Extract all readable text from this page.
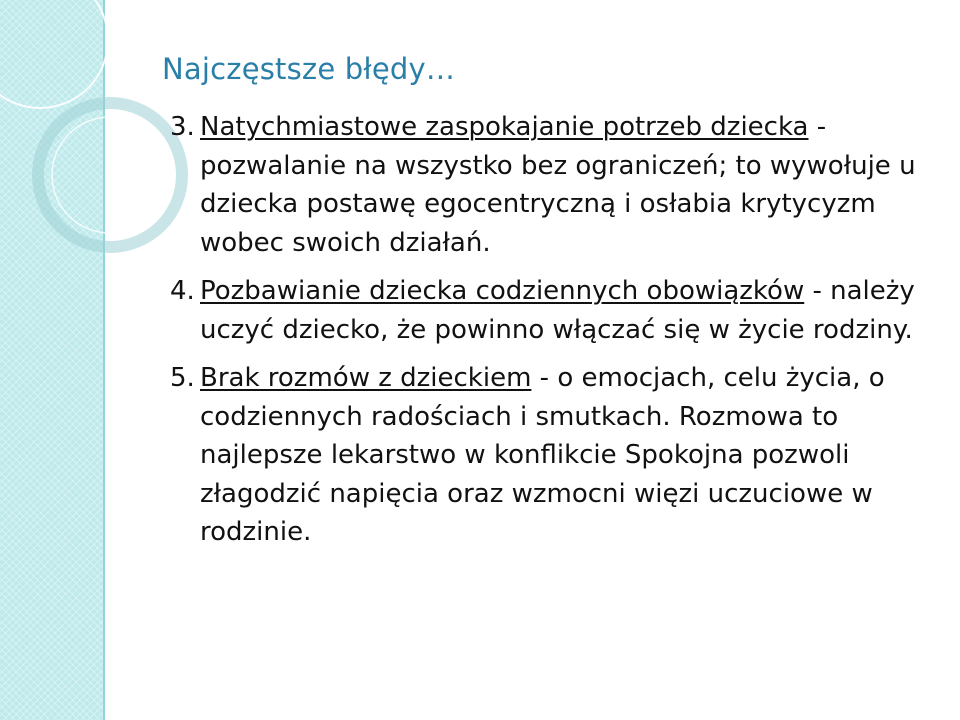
Najczęstsze błędy…
3. Natychmiastowe zaspokajanie potrzeb dziecka - pozwalanie na wszystko bez ograniczeń; to wywołuje u dziecka postawę egocentryczną i osłabia krytycyzm wobec swoich działań.
4. Pozbawianie dziecka codziennych obowiązków - należy uczyć dziecko, że powinno włączać się w życie rodziny.
5. Brak rozmów z dzieckiem - o emocjach, celu życia, o codziennych radościach i smutkach. Rozmowa to najlepsze lekarstwo w konflikcie Spokojna pozwoli złagodzić napięcia oraz wzmocni więzi uczuciowe w rodzinie.
